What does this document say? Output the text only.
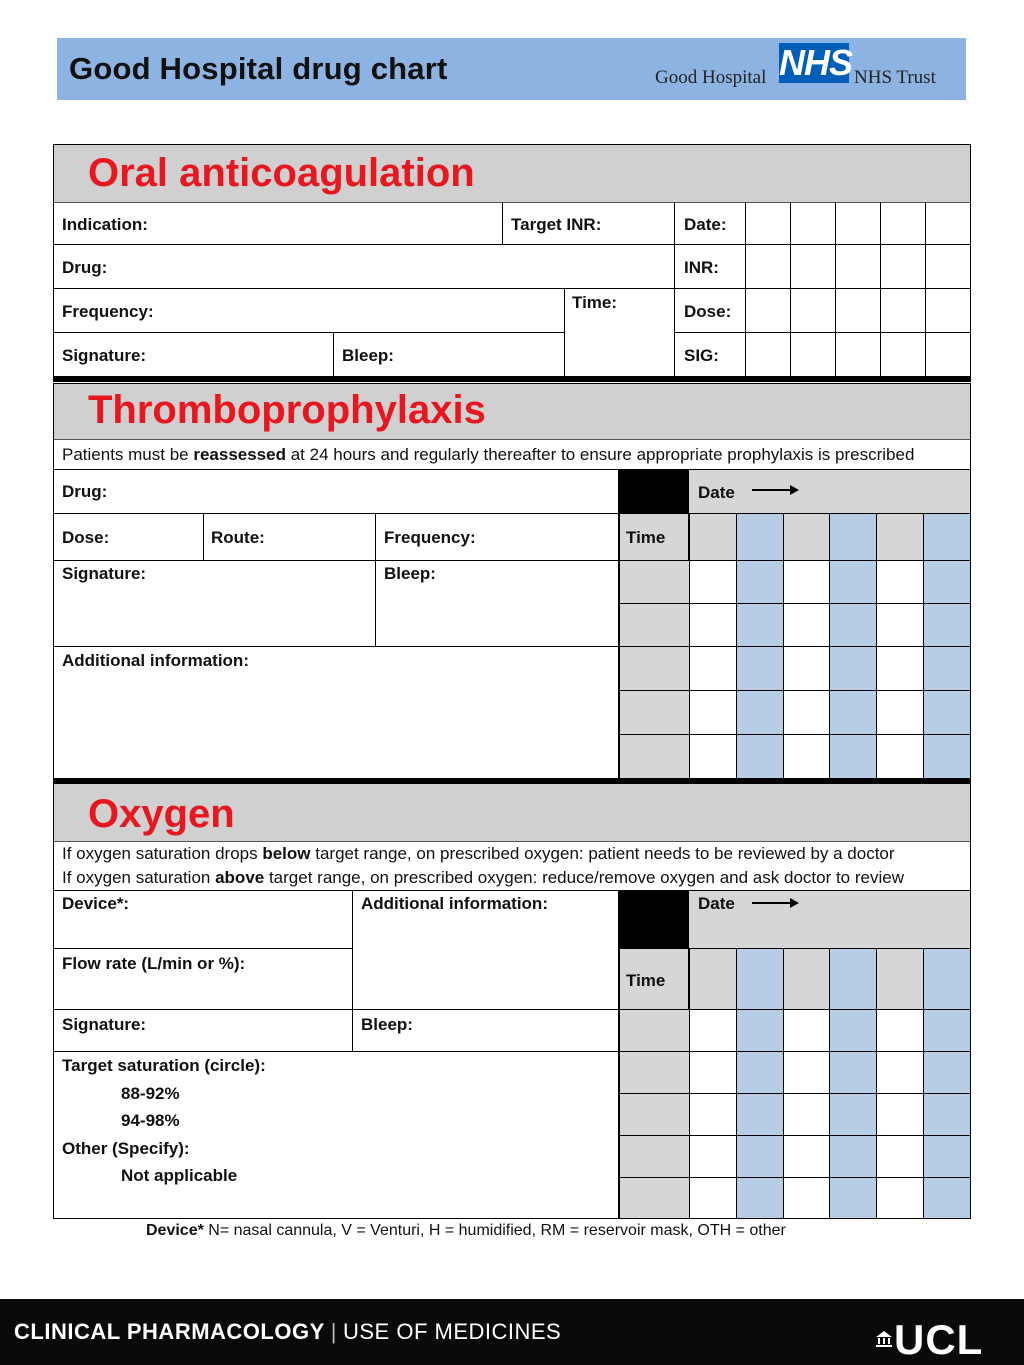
Good Hospital drug chart	Good Hospital NHS NHS Trust
Oral anticoagulation
Indication:	Target INR:	Date:
Drug:	INR:
Frequency:	Time:	Dose:
Signature:	Bleep:	SIG:
Thromboprophylaxis
Patients must be reassessed at 24 hours and regularly thereafter to ensure appropriate prophylaxis is prescribed
Date
Drug:
Dose:	Route:	Frequency:	Time
Signature:	Bleep:
Additional information:
Oxygen
If oxygen saturation drops below target range, on prescribed oxygen: patient needs to be reviewed by a doctor
If oxygen saturation above target range, on prescribed oxygen: reduce/remove oxygen and ask doctor to review
Date
Device*:	Additional information:
Flow rate (L/min or %):
Time
Signature:	Bleep:
Target saturation (circle):
88-92%
94-98%
Other (Specify):
Not applicable
Device* N= nasal cannula, V = Venturi, H = humidified, RM = reservoir mask, OTH = other
CLINICAL PHARMACOLOGY | USE OF MEDICINES	UCL
